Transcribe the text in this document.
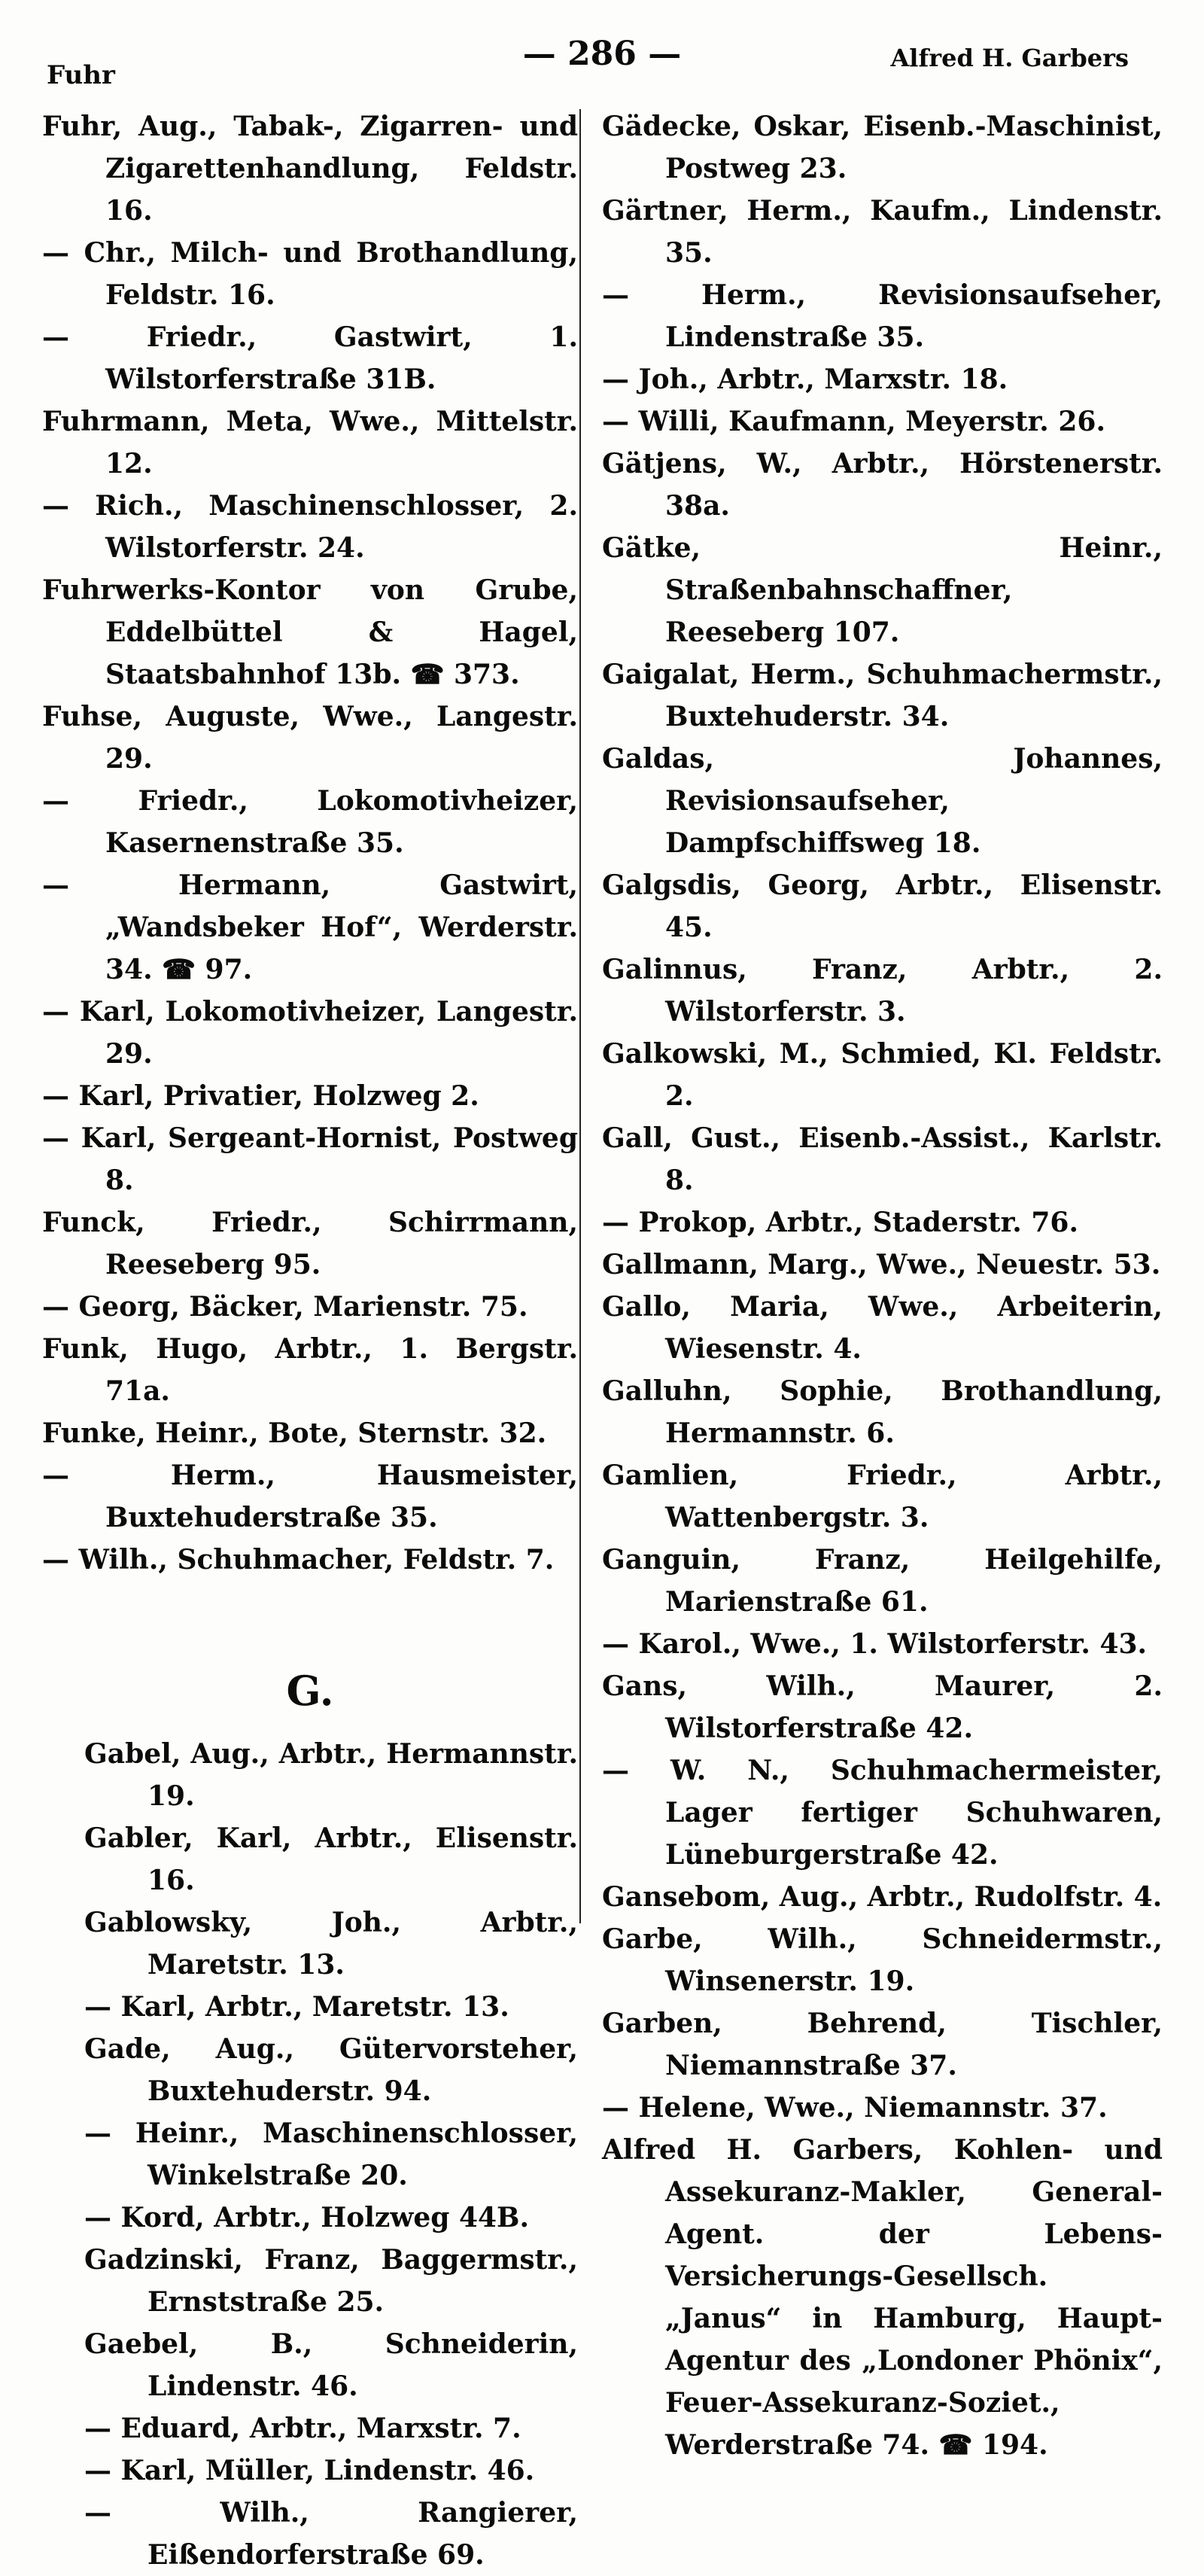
Fuhr
— 286 —	Alfred H. Garbers

Fuhr, Aug., Tabak-, Zigarren- und Zigarettenhandlung, Feldstr. 16.

— Chr., Milch- und Brothandlung, Feldstr. 16.

— Friedr., Gastwirt, 1. Wilstorferstraße 31B.

Fuhrmann, Meta, Wwe., Mittelstr. 12.

— Rich., Maschinenschlosser, 2. Wilstorferstr. 24.

Fuhrwerks-Kontor von Grube, Eddelbüttel & Hagel, Staatsbahnhof 13b. ☎ 373.

Fuhse, Auguste, Wwe., Langestr. 29.

— Friedr., Lokomotivheizer, Kasernenstraße 35.

— Hermann, Gastwirt, „Wandsbeker Hof“, Werderstr. 34. ☎ 97.

— Karl, Lokomotivheizer, Langestr. 29.

— Karl, Privatier, Holzweg 2.

— Karl, Sergeant-Hornist, Postweg 8.

Funck, Friedr., Schirrmann, Reeseberg 95.

— Georg, Bäcker, Marienstr. 75.

Funk, Hugo, Arbtr., 1. Bergstr. 71a.

Funke, Heinr., Bote, Sternstr. 32.

— Herm., Hausmeister, Buxtehuderstraße 35.

— Wilh., Schuhmacher, Feldstr. 7.

G.

Gabel, Aug., Arbtr., Hermannstr. 19.

Gabler, Karl, Arbtr., Elisenstr. 16.

Gablowsky, Joh., Arbtr., Maretstr. 13.

— Karl, Arbtr., Maretstr. 13.

Gade, Aug., Gütervorsteher, Buxtehuderstr. 94.

— Heinr., Maschinenschlosser, Winkelstraße 20.

— Kord, Arbtr., Holzweg 44B.

Gadzinski, Franz, Baggermstr., Ernststraße 25.

Gaebel, B., Schneiderin, Lindenstr. 46.

— Eduard, Arbtr., Marxstr. 7.

— Karl, Müller, Lindenstr. 46.

— Wilh., Rangierer, Eißendorferstraße 69.

Gädecke, Oskar, Eisenb.-Maschinist, Postweg 23.

Gärtner, Herm., Kaufm., Lindenstr. 35.

— Herm., Revisionsaufseher, Lindenstraße 35.

— Joh., Arbtr., Marxstr. 18.

— Willi, Kaufmann, Meyerstr. 26.

Gätjens, W., Arbtr., Hörstenerstr. 38a.

Gätke, Heinr., Straßenbahnschaffner, Reeseberg 107.

Gaigalat, Herm., Schuhmachermstr., Buxtehuderstr. 34.

Galdas, Johannes, Revisionsaufseher, Dampfschiffsweg 18.

Galgsdis, Georg, Arbtr., Elisenstr. 45.

Galinnus, Franz, Arbtr., 2. Wilstorferstr. 3.

Galkowski, M., Schmied, Kl. Feldstr. 2.

Gall, Gust., Eisenb.-Assist., Karlstr. 8.

— Prokop, Arbtr., Staderstr. 76.

Gallmann, Marg., Wwe., Neuestr. 53.

Gallo, Maria, Wwe., Arbeiterin, Wiesenstr. 4.

Galluhn, Sophie, Brothandlung, Hermannstr. 6.

Gamlien, Friedr., Arbtr., Wattenbergstr. 3.

Ganguin, Franz, Heilgehilfe, Marienstraße 61.

— Karol., Wwe., 1. Wilstorferstr. 43.

Gans, Wilh., Maurer, 2. Wilstorferstraße 42.

— W. N., Schuhmachermeister, Lager fertiger Schuhwaren, Lüneburgerstraße 42.

Gansebom, Aug., Arbtr., Rudolfstr. 4.

Garbe, Wilh., Schneidermstr., Winsenerstr. 19.

Garben, Behrend, Tischler, Niemannstraße 37.

— Helene, Wwe., Niemannstr. 37.

Alfred H. Garbers, Kohlen- und Assekuranz-Makler, General-Agent. der Lebens-Versicherungs-Gesellsch. „Janus“ in Hamburg, Haupt-Agentur des „Londoner Phönix“, Feuer-Assekuranz-Soziet., Werderstraße 74. ☎ 194.
